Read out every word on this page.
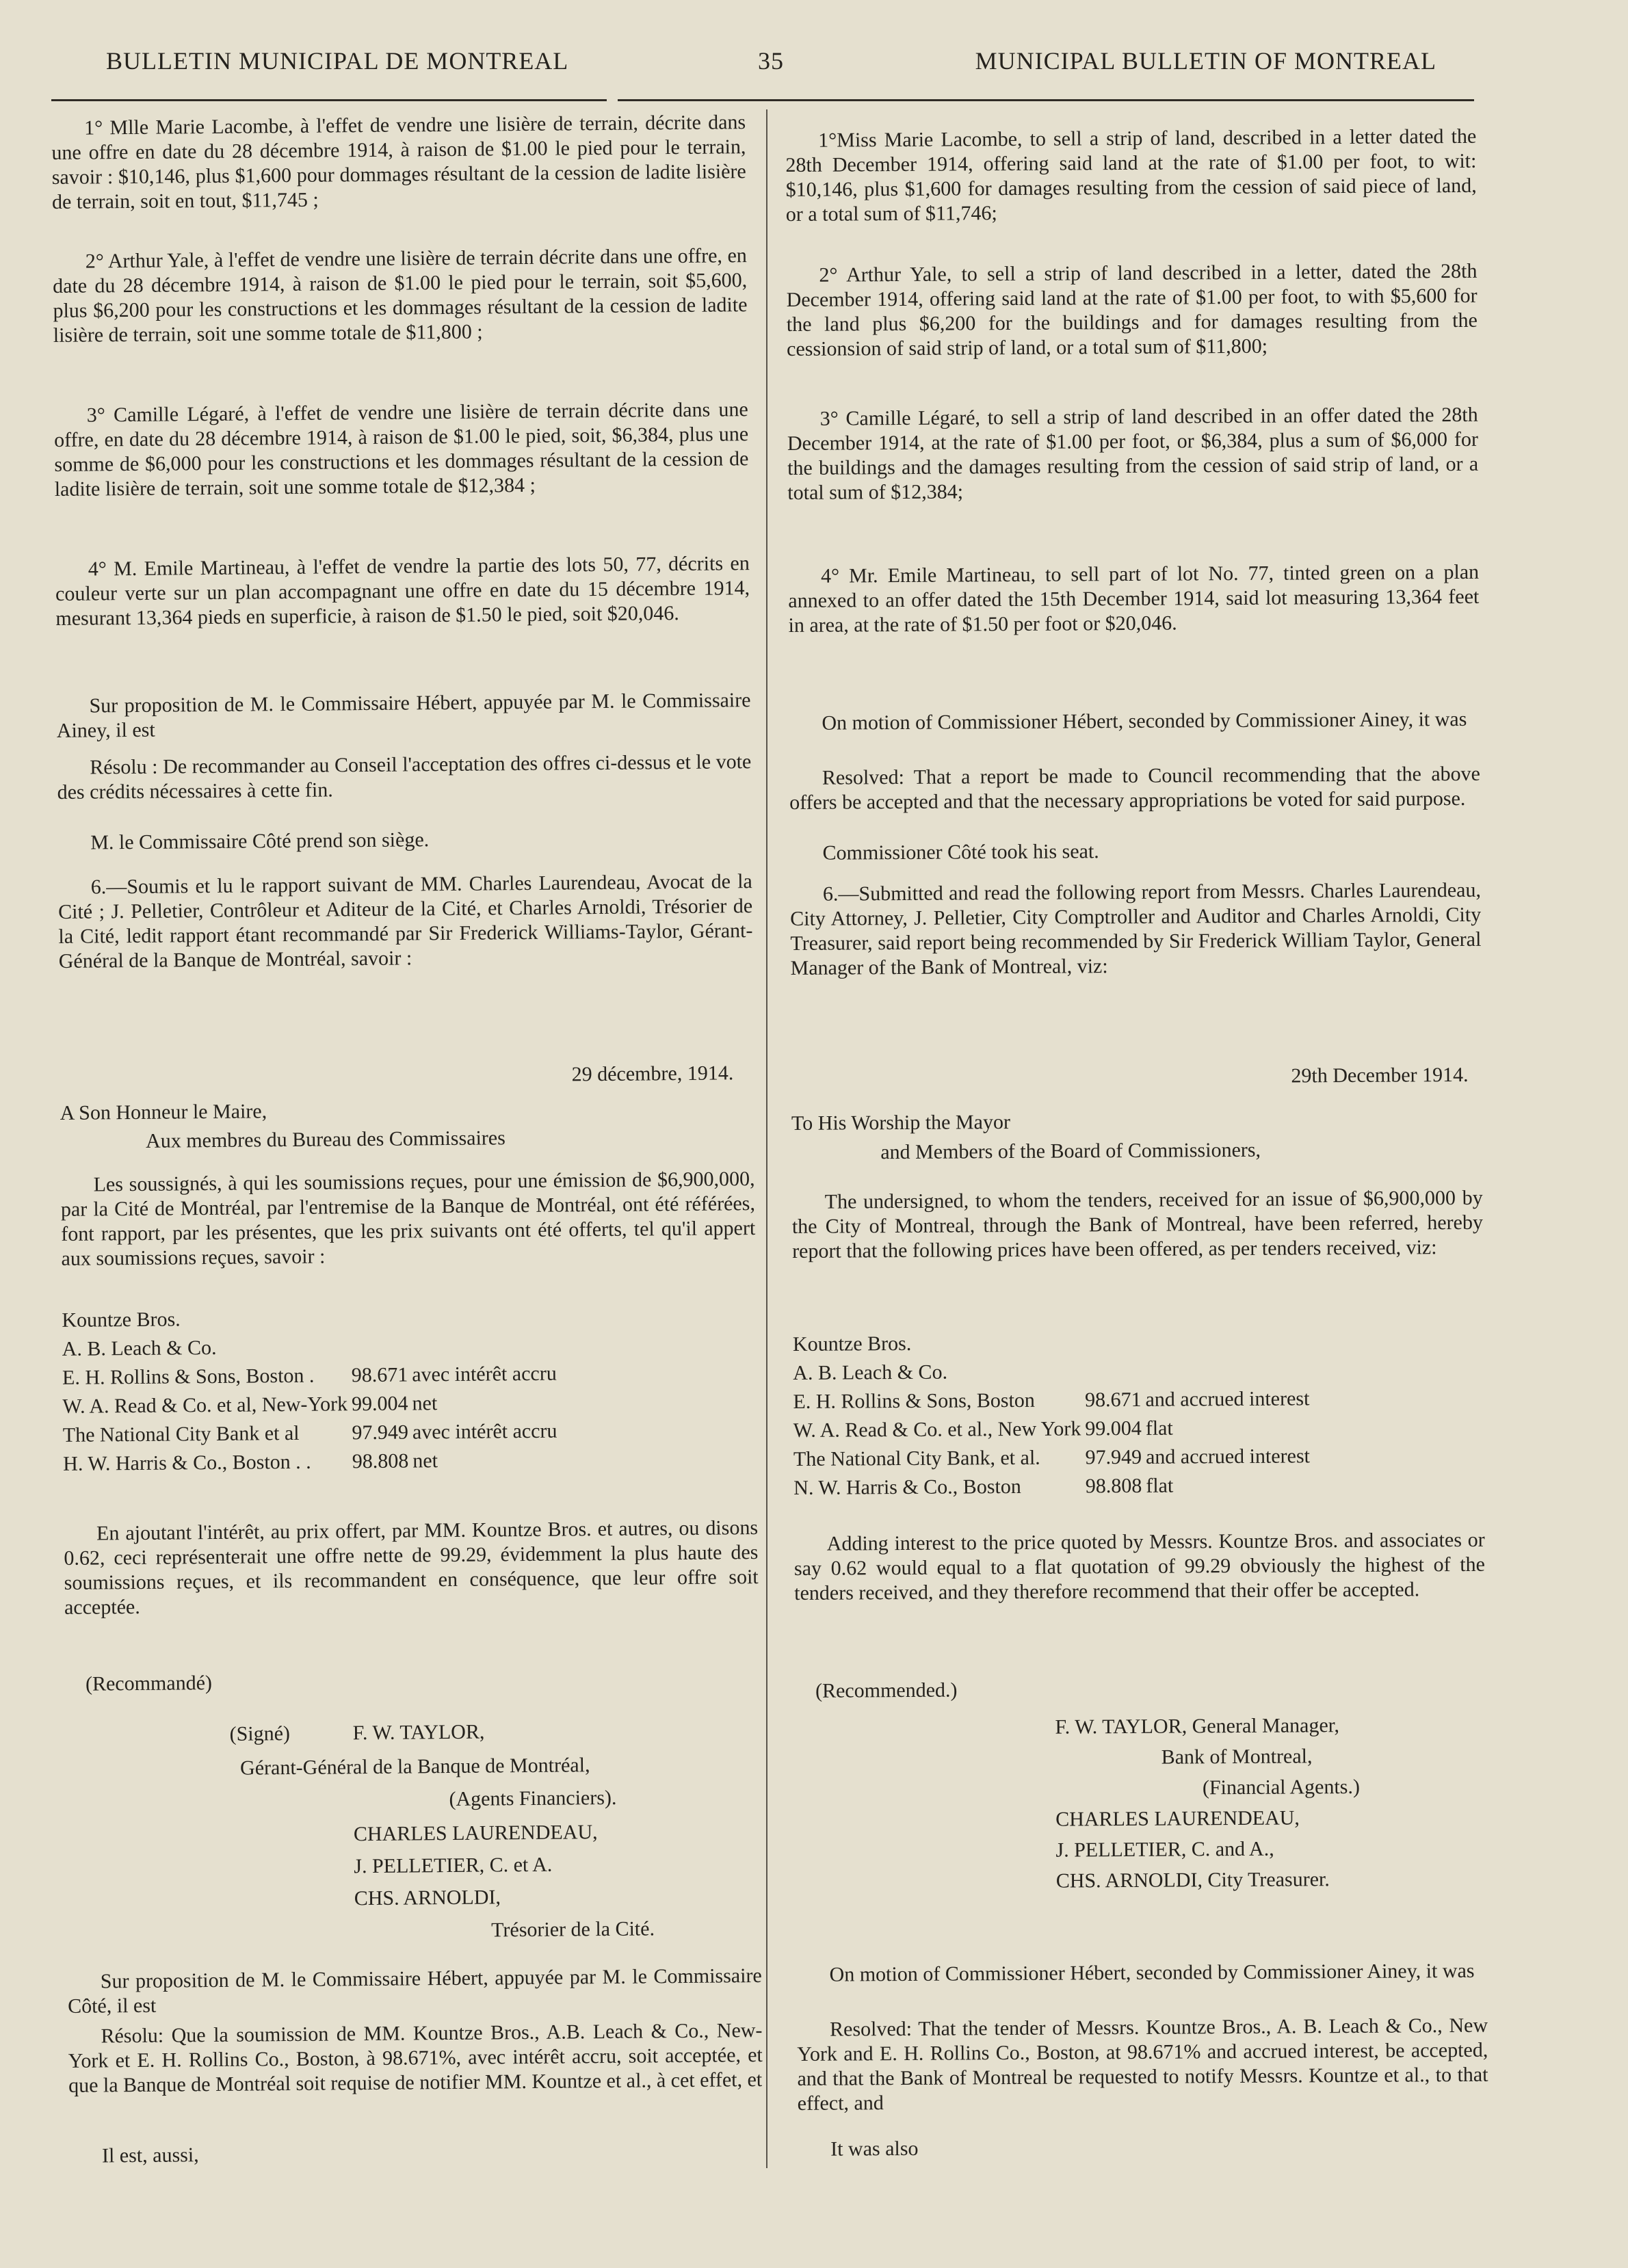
BULLETIN MUNICIPAL DE MONTREAL	35	MUNICIPAL BULLETIN OF MONTREAL

1° Mlle Marie Lacombe, à l'effet de vendre une lisière de terrain, décrite dans une offre en date du 28 décembre 1914, à raison de $1.00 le pied pour le terrain, savoir : $10,146, plus $1,600 pour dommages résultant de la cession de ladite lisière de terrain, soit en tout, $11,745 ;

2° Arthur Yale, à l'effet de vendre une lisière de terrain décrite dans une offre, en date du 28 décembre 1914, à raison de $1.00 le pied pour le terrain, soit $5,600, plus $6,200 pour les constructions et les dommages résultant de la cession de ladite lisière de terrain, soit une somme totale de $11,800 ;

3° Camille Légaré, à l'effet de vendre une lisière de terrain décrite dans une offre, en date du 28 décembre 1914, à raison de $1.00 le pied, soit, $6,384, plus une somme de $6,000 pour les constructions et les dommages résultant de la cession de ladite lisière de terrain, soit une somme totale de $12,384 ;

4° M. Emile Martineau, à l'effet de vendre la partie des lots 50, 77, décrits en couleur verte sur un plan accompagnant une offre en date du 15 décembre 1914, mesurant 13,364 pieds en superficie, à raison de $1.50 le pied, soit $20,046.

Sur proposition de M. le Commissaire Hébert, appuyée par M. le Commissaire Ainey, il est

Résolu : De recommander au Conseil l'acceptation des offres ci-dessus et le vote des crédits nécessaires à cette fin.

M. le Commissaire Côté prend son siège.

6.—Soumis et lu le rapport suivant de MM. Charles Laurendeau, Avocat de la Cité ; J. Pelletier, Contrôleur et Aditeur de la Cité, et Charles Arnoldi, Trésorier de la Cité, ledit rapport étant recommandé par Sir Frederick Williams-Taylor, Gérant-Général de la Banque de Montréal, savoir :

29 décembre, 1914.

A Son Honneur le Maire,

Aux membres du Bureau des Commissaires

Les soussignés, à qui les soumissions reçues, pour une émission de $6,900,000, par la Cité de Montréal, par l'entremise de la Banque de Montréal, ont été référées, font rapport, par les présentes, que les prix suivants ont été offerts, tel qu'il appert aux soumissions reçues, savoir :

Kountze Bros.		
A. B. Leach & Co.		
E. H. Rollins & Sons, Boston .	98.671	avec intérêt accru
W. A. Read & Co. et al, New-York	99.004	net
The National City Bank et al	97.949	avec intérêt accru
H. W. Harris & Co., Boston . .	98.808	net

En ajoutant l'intérêt, au prix offert, par MM. Kountze Bros. et autres, ou disons 0.62, ceci représenterait une offre nette de 99.29, évidemment la plus haute des soumissions reçues, et ils recommandent en conséquence, que leur offre soit acceptée.

(Recommandé)

(Signé)	F. W. TAYLOR,
Gérant-Général de la Banque de Montréal,
(Agents Financiers).
CHARLES LAURENDEAU,
J. PELLETIER, C. et A.
CHS. ARNOLDI,
Trésorier de la Cité.

Sur proposition de M. le Commissaire Hébert, appuyée par M. le Commissaire Côté, il est

Résolu: Que la soumission de MM. Kountze Bros., A.B. Leach & Co., New-York et E. H. Rollins Co., Boston, à 98.671%, avec intérêt accru, soit acceptée, et que la Banque de Montréal soit requise de notifier MM. Kountze et al., à cet effet, et

Il est, aussi,

1°Miss Marie Lacombe, to sell a strip of land, described in a letter dated the 28th December 1914, offering said land at the rate of $1.00 per foot, to wit: $10,146, plus $1,600 for damages resulting from the cession of said piece of land, or a total sum of $11,746;

2° Arthur Yale, to sell a strip of land described in a letter, dated the 28th December 1914, offering said land at the rate of $1.00 per foot, to with $5,600 for the land plus $6,200 for the buildings and for damages resulting from the cessionsion of said strip of land, or a total sum of $11,800;

3° Camille Légaré, to sell a strip of land described in an offer dated the 28th December 1914, at the rate of $1.00 per foot, or $6,384, plus a sum of $6,000 for the buildings and the damages resulting from the cession of said strip of land, or a total sum of $12,384;

4° Mr. Emile Martineau, to sell part of lot No. 77, tinted green on a plan annexed to an offer dated the 15th December 1914, said lot measuring 13,364 feet in area, at the rate of $1.50 per foot or $20,046.

On motion of Commissioner Hébert, seconded by Commissioner Ainey, it was

Resolved: That a report be made to Council recommending that the above offers be accepted and that the necessary appropriations be voted for said purpose.

Commissioner Côté took his seat.

6.—Submitted and read the following report from Messrs. Charles Laurendeau, City Attorney, J. Pelletier, City Comptroller and Auditor and Charles Arnoldi, City Treasurer, said report being recommended by Sir Frederick William Taylor, General Manager of the Bank of Montreal, viz:

29th December 1914.

To His Worship the Mayor

and Members of the Board of Commissioners,

The undersigned, to whom the tenders, received for an issue of $6,900,000 by the City of Montreal, through the Bank of Montreal, have been referred, hereby report that the following prices have been offered, as per tenders received, viz:

Kountze Bros.		
A. B. Leach & Co.		
E. H. Rollins & Sons, Boston	98.671	and accrued interest
W. A. Read & Co. et al., New York	99.004	flat
The National City Bank, et al.	97.949	and accrued interest
N. W. Harris & Co., Boston	98.808	flat

Adding interest to the price quoted by Messrs. Kountze Bros. and associates or say 0.62 would equal to a flat quotation of 99.29 obviously the highest of the tenders received, and they therefore recommend that their offer be accepted.

(Recommended.)

F. W. TAYLOR, General Manager,
Bank of Montreal,
(Financial Agents.)
CHARLES LAURENDEAU,
J. PELLETIER, C. and A.,
CHS. ARNOLDI, City Treasurer.

On motion of Commissioner Hébert, seconded by Commissioner Ainey, it was

Resolved: That the tender of Messrs. Kountze Bros., A. B. Leach & Co., New York and E. H. Rollins Co., Boston, at 98.671% and accrued interest, be accepted, and that the Bank of Montreal be requested to notify Messrs. Kountze et al., to that effect, and

It was also
